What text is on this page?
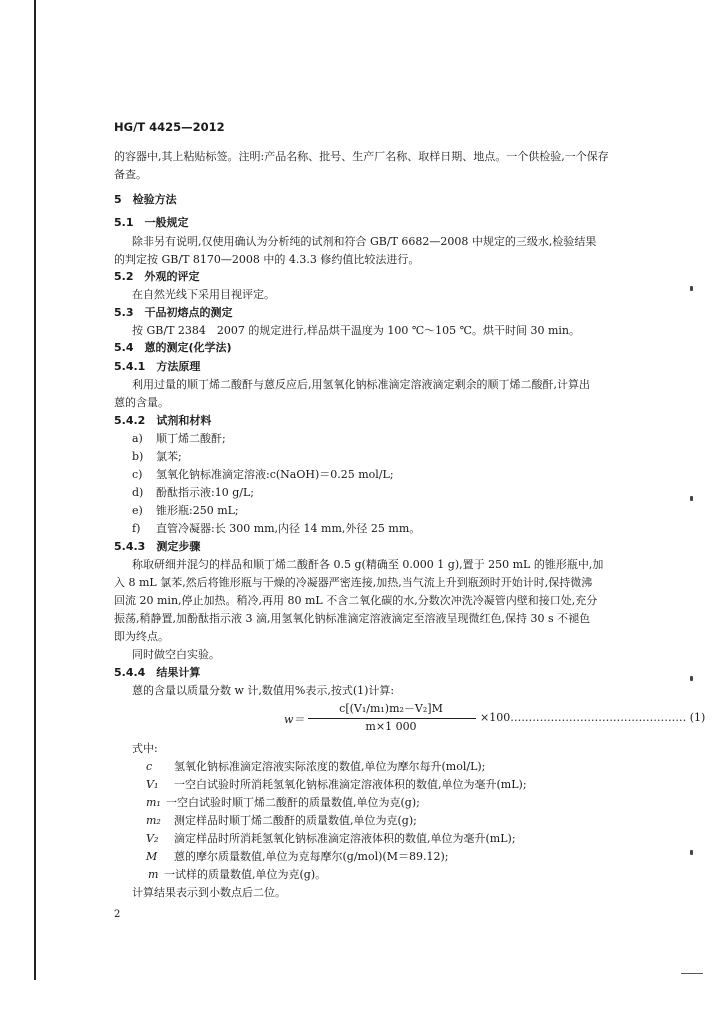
HG/T 4425—2012
的容器中,其上粘贴标签。注明:产品名称、批号、生产厂名称、取样日期、地点。一个供检验,一个保存
备查。
5　检验方法
5.1　一般规定
除非另有说明,仅使用确认为分析纯的试剂和符合 GB/T 6682—2008 中规定的三级水,检验结果
的判定按 GB/T 8170—2008 中的 4.3.3 修约值比较法进行。
5.2　外观的评定
在自然光线下采用目视评定。
5.3　干品初熔点的测定
按 GB/T 2384　2007 的规定进行,样品烘干温度为 100 ℃～105 ℃。烘干时间 30 min。
5.4　蒽的测定(化学法)
5.4.1　方法原理
利用过量的顺丁烯二酸酐与蒽反应后,用氢氧化钠标准滴定溶液滴定剩余的顺丁烯二酸酐,计算出
蒽的含量。
5.4.2　试剂和材料
a) 顺丁烯二酸酐;
b) 氯苯;
c) 氢氧化钠标准滴定溶液:c(NaOH)＝0.25 mol/L;
d) 酚酞指示液:10 g/L;
e) 锥形瓶:250 mL;
f) 直管冷凝器:长 300 mm,内径 14 mm,外径 25 mm。
5.4.3　测定步骤
称取研细并混匀的样品和顺丁烯二酸酐各 0.5 g(精确至 0.000 1 g),置于 250 mL 的锥形瓶中,加
入 8 mL 氯苯,然后将锥形瓶与干燥的冷凝器严密连接,加热,当气流上升到瓶颈时开始计时,保持微沸
回流 20 min,停止加热。稍冷,再用 80 mL 不含二氧化碳的水,分数次冲洗冷凝管内壁和接口处,充分
振荡,稍静置,加酚酞指示液 3 滴,用氢氧化钠标准滴定溶液滴定至溶液呈现微红色,保持 30 s 不褪色
即为终点。
同时做空白实验。
5.4.4　结果计算
蒽的含量以质量分数 w 计,数值用%表示,按式(1)计算:
w＝
c[(V₁/m₁)m₂－V₂]M
m×1 000
×100………………………………………… (1)
式中:
c 氢氧化钠标准滴定溶液实际浓度的数值,单位为摩尔每升(mol/L);
V₁ 一空白试验时所消耗氢氧化钠标准滴定溶液体积的数值,单位为毫升(mL);
m₁ 一空白试验时顺丁烯二酸酐的质量数值,单位为克(g);
m₂ 测定样品时顺丁烯二酸酐的质量数值,单位为克(g);
V₂ 滴定样品时所消耗氢氧化钠标准滴定溶液体积的数值,单位为毫升(mL);
M 蒽的摩尔质量数值,单位为克每摩尔(g/mol)(M＝89.12);
m 一试样的质量数值,单位为克(g)。
计算结果表示到小数点后二位。
2
